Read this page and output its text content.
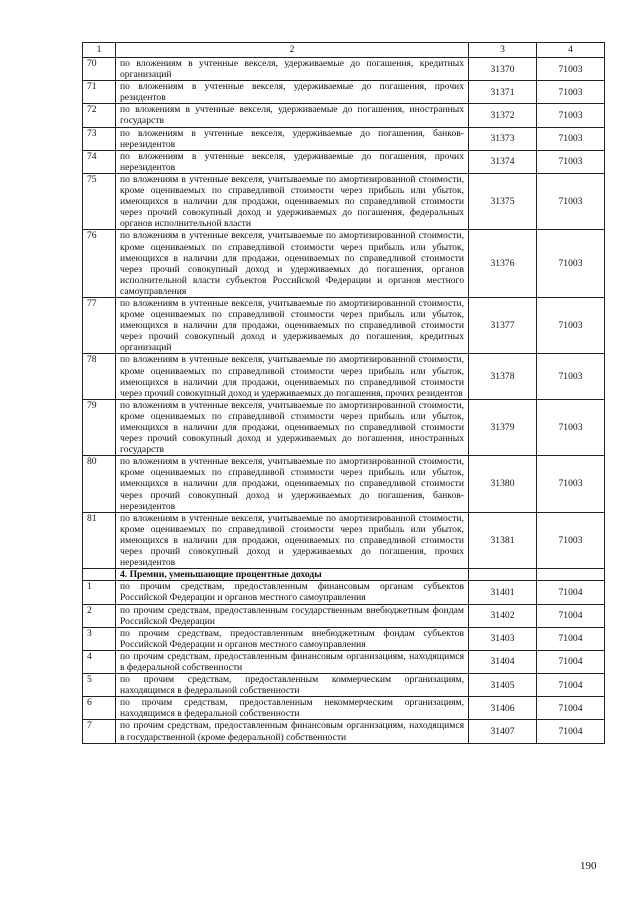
1	2	3	4
70	по вложениям в учтенные векселя, удерживаемые до погашения, кредитных организаций	31370	71003
71	по вложениям в учтенные векселя, удерживаемые до погашения, прочих резидентов	31371	71003
72	по вложениям в учтенные векселя, удерживаемые до погашения, иностранных государств	31372	71003
73	по вложениям в учтенные векселя, удерживаемые до погашения, банков-нерезидентов	31373	71003
74	по вложениям в учтенные векселя, удерживаемые до погашения, прочих нерезидентов	31374	71003
75	по вложениям в учтенные векселя, учитываемые по амортизированной стоимости, кроме оцениваемых по справедливой стоимости через прибыль или убыток, имеющихся в наличии для продажи, оцениваемых по справедливой стоимости через прочий совокупный доход и удерживаемых до погашения, федеральных органов исполнительной власти	31375	71003
76	по вложениям в учтенные векселя, учитываемые по амортизированной стоимости, кроме оцениваемых по справедливой стоимости через прибыль или убыток, имеющихся в наличии для продажи, оцениваемых по справедливой стоимости через прочий совокупный доход и удерживаемых до погашения, органов исполнительной власти субъектов Российской Федерации и органов местного самоуправления	31376	71003
77	по вложениям в учтенные векселя, учитываемые по амортизированной стоимости, кроме оцениваемых по справедливой стоимости через прибыль или убыток, имеющихся в наличии для продажи, оцениваемых по справедливой стоимости через прочий совокупный доход и удерживаемых до погашения, кредитных организаций	31377	71003
78	по вложениям в учтенные векселя, учитываемые по амортизированной стоимости, кроме оцениваемых по справедливой стоимости через прибыль или убыток, имеющихся в наличии для продажи, оцениваемых по справедливой стоимости через прочий совокупный доход и удерживаемых до погашения, прочих резидентов	31378	71003
79	по вложениям в учтенные векселя, учитываемые по амортизированной стоимости, кроме оцениваемых по справедливой стоимости через прибыль или убыток, имеющихся в наличии для продажи, оцениваемых по справедливой стоимости через прочий совокупный доход и удерживаемых до погашения, иностранных государств	31379	71003
80	по вложениям в учтенные векселя, учитываемые по амортизированной стоимости, кроме оцениваемых по справедливой стоимости через прибыль или убыток, имеющихся в наличии для продажи, оцениваемых по справедливой стоимости через прочий совокупный доход и удерживаемых до погашения, банков-нерезидентов	31380	71003
81	по вложениям в учтенные векселя, учитываемые по амортизированной стоимости, кроме оцениваемых по справедливой стоимости через прибыль или убыток, имеющихся в наличии для продажи, оцениваемых по справедливой стоимости через прочий совокупный доход и удерживаемых до погашения, прочих нерезидентов	31381	71003
	4. Премии, уменьшающие процентные доходы		
1	по прочим средствам, предоставленным финансовым органам субъектов Российской Федерации и органов местного самоуправления	31401	71004
2	по прочим средствам, предоставленным государственным внебюджетным фондам Российской Федерации	31402	71004
3	по прочим средствам, предоставленным внебюджетным фондам субъектов Российской Федерации и органов местного самоуправления	31403	71004
4	по прочим средствам, предоставленным финансовым организациям, находящимся в федеральной собственности	31404	71004
5	по прочим средствам, предоставленным коммерческим организациям, находящимся в федеральной собственности	31405	71004
6	по прочим средствам, предоставленным некоммерческим организациям, находящимся в федеральной собственности	31406	71004
7	по прочим средствам, предоставленным финансовым организациям, находящимся в государственной (кроме федеральной) собственности	31407	71004
190
